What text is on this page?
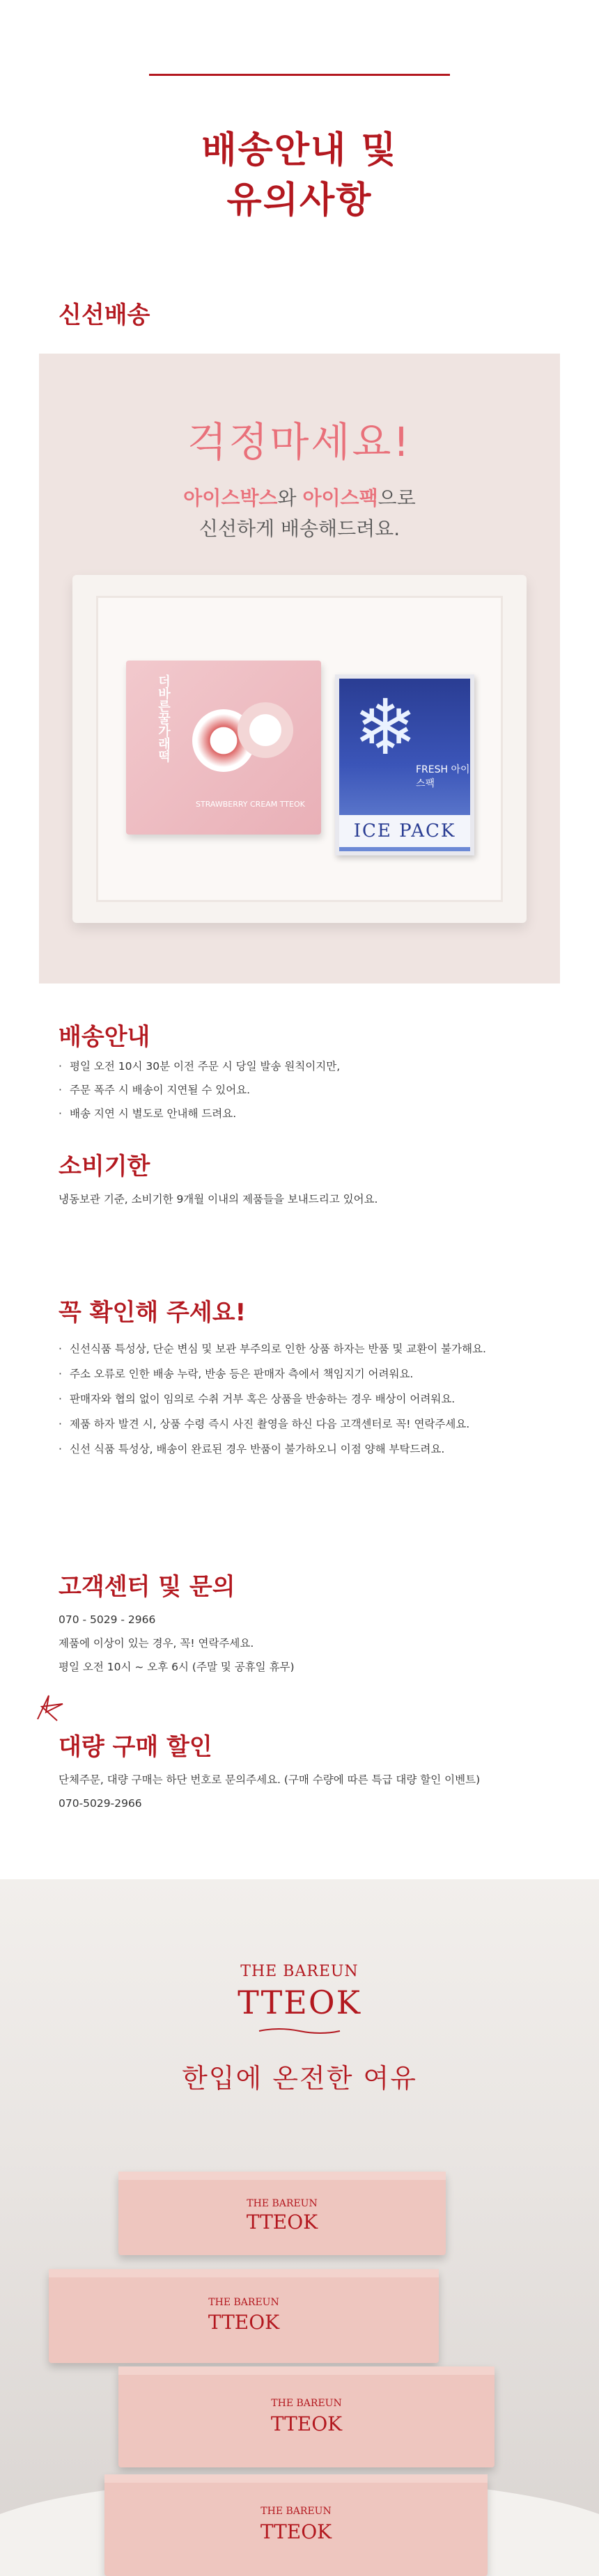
배송안내 및
유의사항
신선배송
걱정마세요!
아이스박스와 아이스팩으로
신선하게 배송해드려요.
더바른꿀가래떡
STRAWBERRY CREAM TTEOK
❄
FRESH 아이스팩
ICE PACK
배송안내
· 평일 오전 10시 30분 이전 주문 시 당일 발송 원칙이지만,
· 주문 폭주 시 배송이 지연될 수 있어요.
· 배송 지연 시 별도로 안내해 드려요.
소비기한
냉동보관 기준, 소비기한 9개월 이내의 제품들을 보내드리고 있어요.
꼭 확인해 주세요!
· 신선식품 특성상, 단순 변심 및 보관 부주의로 인한 상품 하자는 반품 및 교환이 불가해요.
· 주소 오류로 인한 배송 누락, 반송 등은 판매자 측에서 책임지기 어려워요.
· 판매자와 협의 없이 임의로 수취 거부 혹은 상품을 반송하는 경우 배상이 어려워요.
· 제품 하자 발견 시, 상품 수령 즉시 사진 촬영을 하신 다음 고객센터로 꼭! 연락주세요.
· 신선 식품 특성상, 배송이 완료된 경우 반품이 불가하오니 이점 양해 부탁드려요.
고객센터 및 문의
070 - 5029 - 2966
제품에 이상이 있는 경우, 꼭! 연락주세요.
평일 오전 10시 ~ 오후 6시 (주말 및 공휴일 휴무)
대량 구매 할인
단체주문, 대량 구매는 하단 번호로 문의주세요. (구매 수량에 따른 특급 대량 할인 이벤트)
070-5029-2966
THE BAREUN
TTEOK
한입에 온전한 여유
THE BAREUN
TTEOK
THE BAREUN
TTEOK
THE BAREUN
TTEOK
THE BAREUN
TTEOK
